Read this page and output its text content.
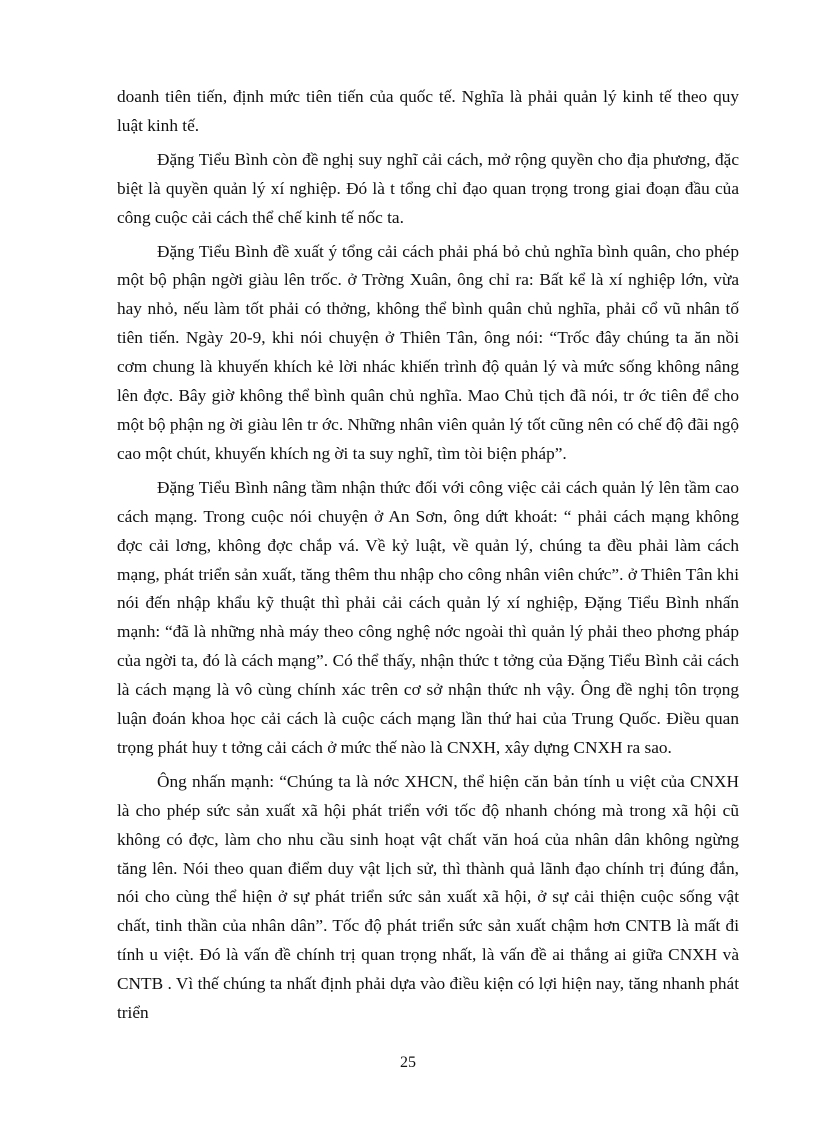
doanh tiên tiến, định mức tiên tiến của quốc tế. Nghĩa là phải quản lý kinh tế theo quy luật kinh tế.

Đặng Tiểu Bình còn đề nghị suy nghĩ cải cách, mở rộng quyền cho địa phương, đặc biệt là quyền quản lý xí nghiệp. Đó là t tổng chỉ đạo quan trọng trong giai đoạn đầu của công cuộc cải cách thể chế kinh tế nốc ta.

Đặng Tiểu Bình đề xuất ý tổng cải cách phải phá bỏ chủ nghĩa bình quân, cho phép một bộ phận ngời giàu lên trốc. ở Trờng Xuân, ông chỉ ra: Bất kể là xí nghiệp lớn, vừa hay nhỏ, nếu làm tốt phải có thởng, không thể bình quân chủ nghĩa, phải cổ vũ nhân tố tiên tiến. Ngày 20-9, khi nói chuyện ở Thiên Tân, ông nói: “Trốc đây chúng ta ăn nồi cơm chung là khuyến khích kẻ lời nhác khiến trình độ quản lý và mức sống không nâng lên đợc. Bây giờ không thể bình quân chủ nghĩa. Mao Chủ tịch đã nói, tr ớc tiên để cho một bộ phận ng ời giàu lên tr ớc. Những nhân viên quản lý tốt cũng nên có chế độ đãi ngộ cao một chút, khuyến khích ng ời ta suy nghĩ, tìm tòi biện pháp”.

Đặng Tiểu Bình nâng tầm nhận thức đối với công việc cải cách quản lý lên tầm cao cách mạng. Trong cuộc nói chuyện ở An Sơn, ông dứt khoát: “ phải cách mạng không đợc cải lơng, không đợc chắp vá. Về kỷ luật, về quản lý, chúng ta đều phải làm cách mạng, phát triển sản xuất, tăng thêm thu nhập cho công nhân viên chức”. ở Thiên Tân khi nói đến nhập khẩu kỹ thuật thì phải cải cách quản lý xí nghiệp, Đặng Tiểu Bình nhấn mạnh: “đã là những nhà máy theo công nghệ nớc ngoài thì quản lý phải theo phơng pháp của ngời ta, đó là cách mạng”. Có thể thấy, nhận thức t tởng của Đặng Tiểu Bình cải cách là cách mạng là vô cùng chính xác trên cơ sở nhận thức nh vậy. Ông đề nghị tôn trọng luận đoán khoa học cải cách là cuộc cách mạng lần thứ hai của Trung Quốc. Điều quan trọng phát huy t tởng cải cách ở mức thế nào là CNXH, xây dựng CNXH ra sao.

Ông nhấn mạnh: “Chúng ta là nớc XHCN, thể hiện căn bản tính u việt của CNXH là cho phép sức sản xuất xã hội phát triển với tốc độ nhanh chóng mà trong xã hội cũ không có đợc, làm cho nhu cầu sinh hoạt vật chất văn hoá của nhân dân không ngừng tăng lên. Nói theo quan điểm duy vật lịch sử, thì thành quả lãnh đạo chính trị đúng đắn, nói cho cùng thể hiện ở sự phát triển sức sản xuất xã hội, ở sự cải thiện cuộc sống vật chất, tinh thần của nhân dân”. Tốc độ phát triển sức sản xuất chậm hơn CNTB là mất đi tính u việt. Đó là vấn đề chính trị quan trọng nhất, là vấn đề ai thắng ai giữa CNXH và CNTB . Vì thế chúng ta nhất định phải dựa vào điều kiện có lợi hiện nay, tăng nhanh phát triển

25
